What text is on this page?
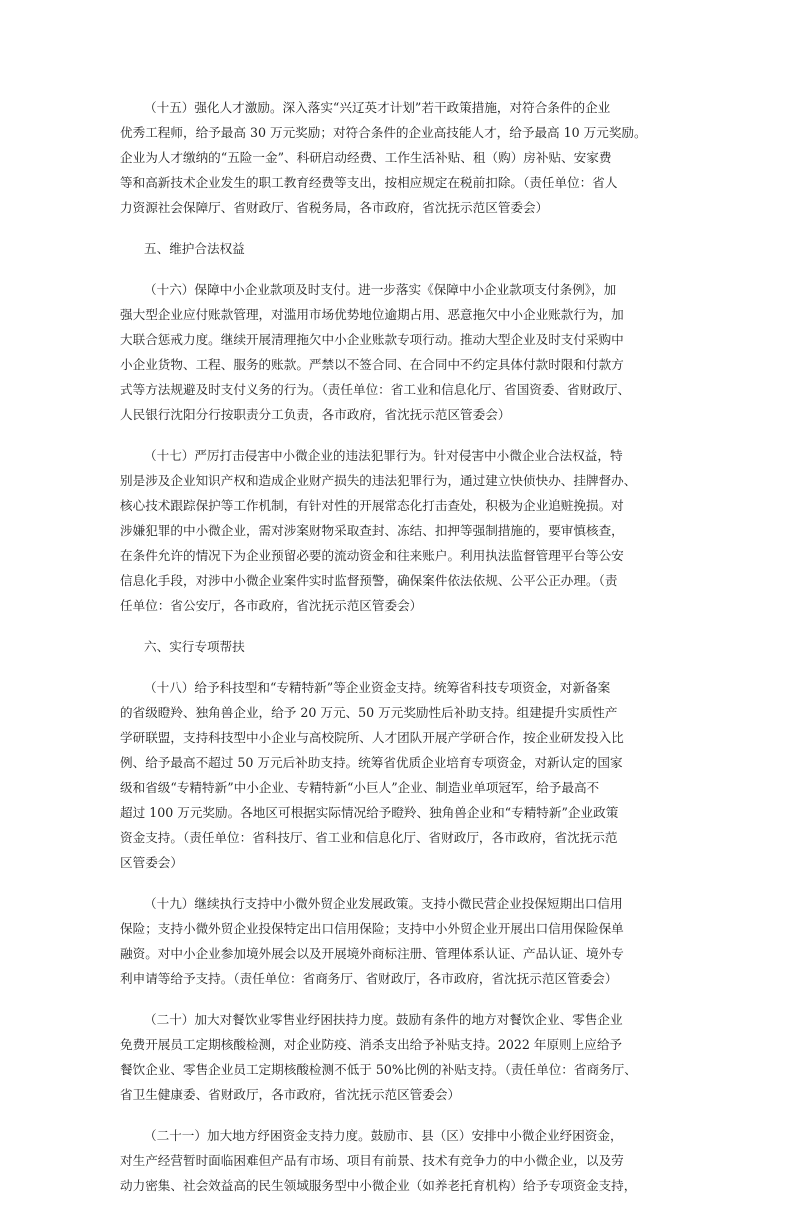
（十五）强化人才激励。深入落实“兴辽英才计划”若干政策措施，对符合条件的企业
优秀工程师，给予最高 30 万元奖励；对符合条件的企业高技能人才，给予最高 10 万元奖励。
企业为人才缴纳的“五险一金”、科研启动经费、工作生活补贴、租（购）房补贴、安家费
等和高新技术企业发生的职工教育经费等支出，按相应规定在税前扣除。（责任单位：省人
力资源社会保障厅、省财政厅、省税务局，各市政府，省沈抚示范区管委会）
五、维护合法权益
（十六）保障中小企业款项及时支付。进一步落实《保障中小企业款项支付条例》，加
强大型企业应付账款管理，对滥用市场优势地位逾期占用、恶意拖欠中小企业账款行为，加
大联合惩戒力度。继续开展清理拖欠中小企业账款专项行动。推动大型企业及时支付采购中
小企业货物、工程、服务的账款。严禁以不签合同、在合同中不约定具体付款时限和付款方
式等方法规避及时支付义务的行为。（责任单位：省工业和信息化厅、省国资委、省财政厅、
人民银行沈阳分行按职责分工负责，各市政府，省沈抚示范区管委会）
（十七）严厉打击侵害中小微企业的违法犯罪行为。针对侵害中小微企业合法权益，特
别是涉及企业知识产权和造成企业财产损失的违法犯罪行为，通过建立快侦快办、挂牌督办、
核心技术跟踪保护等工作机制，有针对性的开展常态化打击查处，积极为企业追赃挽损。对
涉嫌犯罪的中小微企业，需对涉案财物采取查封、冻结、扣押等强制措施的，要审慎核查，
在条件允许的情况下为企业预留必要的流动资金和往来账户。利用执法监督管理平台等公安
信息化手段，对涉中小微企业案件实时监督预警，确保案件依法依规、公平公正办理。（责
任单位：省公安厅，各市政府，省沈抚示范区管委会）
六、实行专项帮扶
（十八）给予科技型和“专精特新”等企业资金支持。统筹省科技专项资金，对新备案
的省级瞪羚、独角兽企业，给予 20 万元、50 万元奖励性后补助支持。组建提升实质性产
学研联盟，支持科技型中小企业与高校院所、人才团队开展产学研合作，按企业研发投入比
例、给予最高不超过 50 万元后补助支持。统筹省优质企业培育专项资金，对新认定的国家
级和省级“专精特新”中小企业、专精特新“小巨人”企业、制造业单项冠军，给予最高不
超过 100 万元奖励。各地区可根据实际情况给予瞪羚、独角兽企业和“专精特新”企业政策
资金支持。（责任单位：省科技厅、省工业和信息化厅、省财政厅，各市政府，省沈抚示范
区管委会）
（十九）继续执行支持中小微外贸企业发展政策。支持小微民营企业投保短期出口信用
保险；支持小微外贸企业投保特定出口信用保险；支持中小外贸企业开展出口信用保险保单
融资。对中小企业参加境外展会以及开展境外商标注册、管理体系认证、产品认证、境外专
利申请等给予支持。（责任单位：省商务厅、省财政厅，各市政府，省沈抚示范区管委会）
（二十）加大对餐饮业零售业纾困扶持力度。鼓励有条件的地方对餐饮企业、零售企业
免费开展员工定期核酸检测，对企业防疫、消杀支出给予补贴支持。2022 年原则上应给予
餐饮企业、零售企业员工定期核酸检测不低于 50%比例的补贴支持。（责任单位：省商务厅、
省卫生健康委、省财政厅，各市政府，省沈抚示范区管委会）
（二十一）加大地方纾困资金支持力度。鼓励市、县（区）安排中小微企业纾困资金，
对生产经营暂时面临困难但产品有市场、项目有前景、技术有竞争力的中小微企业，以及劳
动力密集、社会效益高的民生领域服务型中小微企业（如养老托育机构）给予专项资金支持，
